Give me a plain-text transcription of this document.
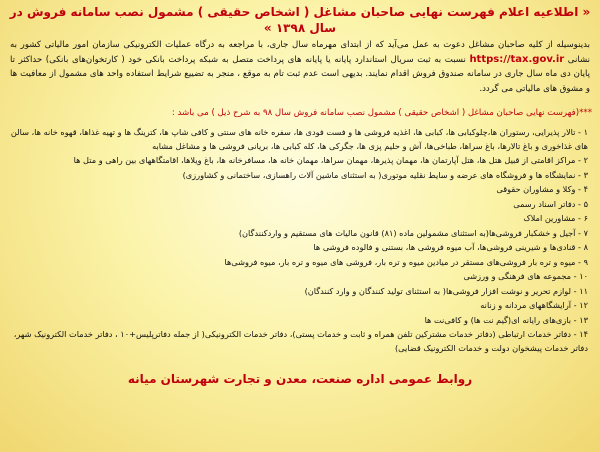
« اطلاعیه اعلام فهرست نهایی صاحبان مشاغل ( اشخاص حقیقی ) مشمول نصب سامانه فروش در سال ۱۳۹۸ »

بدینوسیله از کلیه صاحبان مشاغل دعوت به عمل می‌آید که از ابتدای مهرماه سال جاری، با مراجعه به درگاه عملیات الکترونیکی سازمان امور مالیاتی کشور به نشانی https://tax.gov.ir نسبت به ثبت سریال استاندارد پایانه یا پایانه های پرداخت متصل به شبکه پرداخت بانکی خود ( کارتخوان‌های بانکی) حداکثر تا پایان دی ماه سال جاری در سامانه صندوق فروش اقدام نمایند. بدیهی است عدم ثبت تام به موقع ، منجر به تضییع شرایط استفاده واحد های مشمول از معافیت ها و مشوق های مالیاتی می گردد.

***(فهرست نهایی صاحبان مشاغل ( اشخاص حقیقی ) مشمول نصب سامانه فروش سال ۹۸ به شرح ذیل ) می باشد :
۱ - تالار پذیرایی، رستوران ها،چلوکبابی ها، کبابی ها، اغذیه فروشی ها و فست فودی ها، سفره خانه های سنتی و کافی شاپ ها، کترینگ ها و تهیه غذاها، قهوه خانه ها، سالن های غذاخوری و باغ تالارها، باغ سراها، طباخی‌ها، آش و حلیم پزی ها، جگرکی ها، کله کبابی ها، بریانی فروشی ها و مشاغل مشابه
۲ - مراکز اقامتی از قبیل هتل ها، هتل آپارتمان ها، مهمان پذیرها، مهمان سراها، مهمان خانه ها، مسافرخانه ها، باغ ویلاها، اقامتگاههای بین راهی و متل ها
۳ - نمایشگاه ها و فروشگاه های عرضه و سایط نقلیه موتوری( به استثنای ماشین آلات راهسازی، ساختمانی و کشاورزی)
۴ - وکلا و مشاوران حقوقی
۵ - دفاتر اسناد رسمی
۶ - مشاورین املاک
۷ - آجیل و خشکبار فروشی‌ها(به استثنای مشمولین ماده (۸۱) قانون مالیات های مستقیم و واردکنندگان)
۸ - قنادی‌ها و شیرینی فروشی‌ها، آب میوه فروشی ها، بستنی و فالوده فروشی ها
۹ - میوه و تره بار فروشی‌های مستقر در میادین میوه و تره بار، فروشی های میوه و تره بار، میوه فروشی‌ها
۱۰ - مجموعه های فرهنگی و ورزشی
۱۱ - لوازم تحریر و نوشت افزار فروشی‌ها( به استثنای تولید کنندگان و وارد کنندگان)
۱۲ - آرایشگاههای مردانه و زنانه
۱۳ - بازی‌های رایانه ای(گیم نت ها) و کافی‌نت ها
۱۴ - دفاتر خدمات ارتباطی (دفاتر خدمات مشترکین تلفن همراه و ثابت و خدمات پستی)، دفاتر خدمات الکترونیکی( از جمله دفاترپلیس+۱۰ ، دفاتر خدمات الکترونیک شهر، دفاتر خدمات پیشخوان دولت و خدمات الکترونیک قضایی)
روابط عمومی اداره صنعت، معدن و تجارت شهرستان میانه
